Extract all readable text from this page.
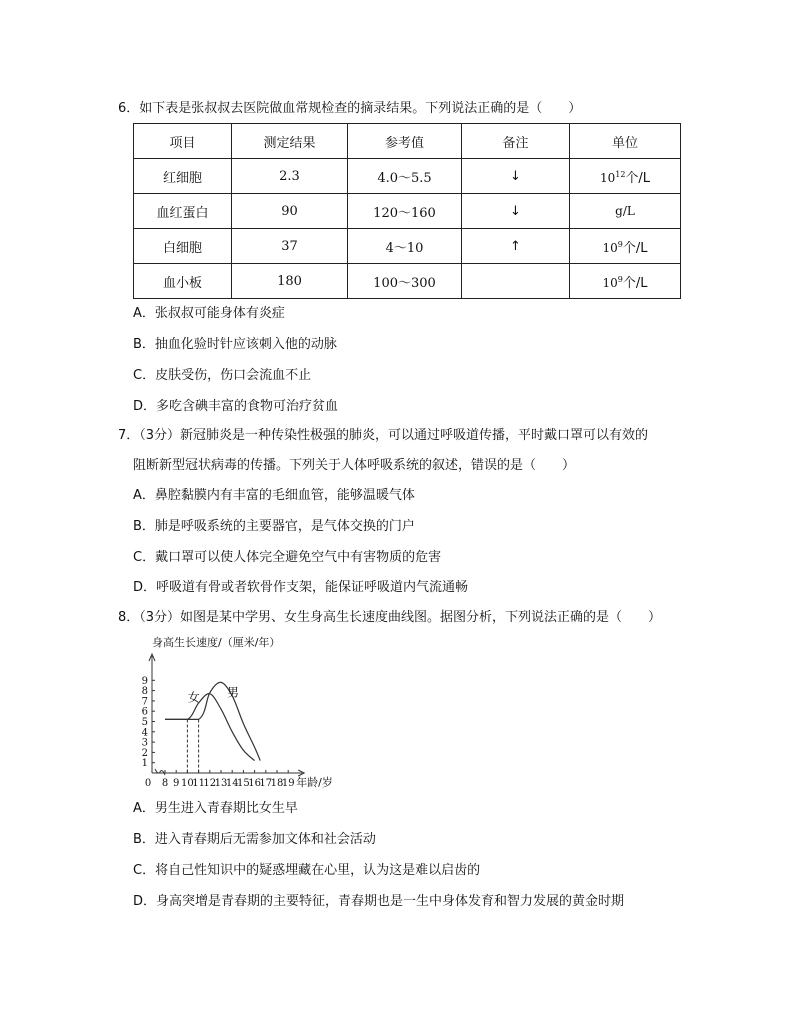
6．如下表是张叔叔去医院做血常规检查的摘录结果。下列说法正确的是（　　）
项目	测定结果	参考值	备注	单位
红细胞	2.3	4.0～5.5	↓	$10^{12}$个/L
血红蛋白	90	120～160	↓	g/L
白细胞	37	4～10	↑	$10^9$个/L
血小板	180	100～300		$10^9$个/L
A．张叔叔可能身体有炎症
B．抽血化验时针应该刺入他的动脉
C．皮肤受伤，伤口会流血不止
D．多吃含碘丰富的食物可治疗贫血
7．（3分）新冠肺炎是一种传染性极强的肺炎，可以通过呼吸道传播，平时戴口罩可以有效的
阻断新型冠状病毒的传播。下列关于人体呼吸系统的叙述，错误的是（　　）
A．鼻腔黏膜内有丰富的毛细血管，能够温暖气体
B．肺是呼吸系统的主要器官，是气体交换的门户
C．戴口罩可以使人体完全避免空气中有害物质的危害
D．呼吸道有骨或者软骨作支架，能保证呼吸道内气流通畅
8．（3分）如图是某中学男、女生身高生长速度曲线图。据图分析，下列说法正确的是（　　）
身高生长速度/（厘米/年）
1
2
3
4
5
6
7
8
9
0 8 9 10
11
12
13
14
15
16
17
18
19 年龄/岁
女 男
A．男生进入青春期比女生早
B．进入青春期后无需参加文体和社会活动
C．将自己性知识中的疑惑埋藏在心里，认为这是难以启齿的
D．身高突增是青春期的主要特征，青春期也是一生中身体发育和智力发展的黄金时期
